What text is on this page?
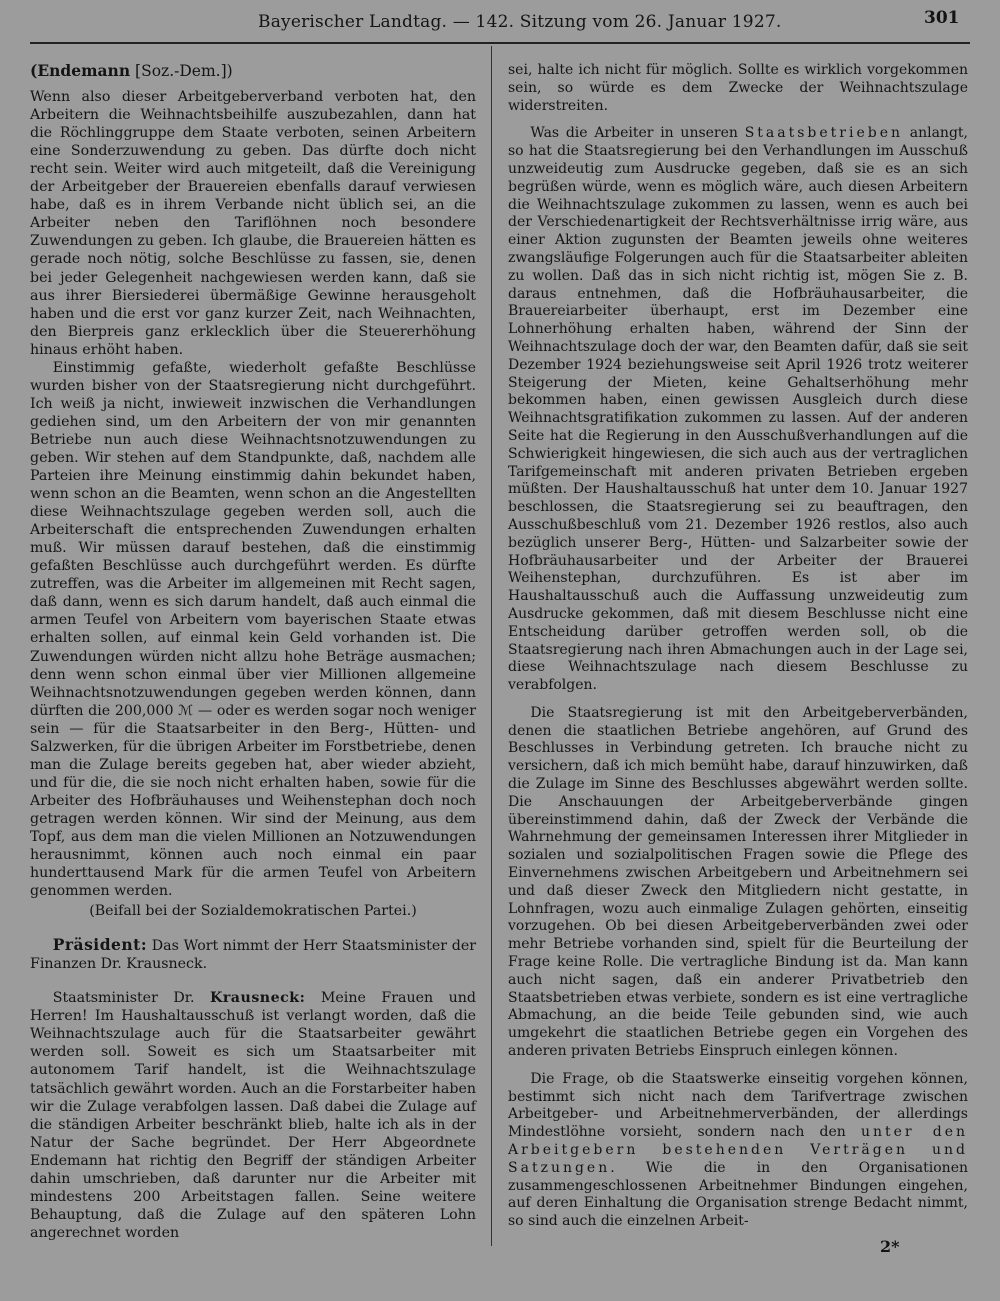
Bayerischer Landtag. — 142. Sitzung vom 26. Januar 1927.	301
(Endemann [Soz.-Dem.])

Wenn also dieser Arbeitgeberverband verboten hat, den Arbeitern die Weihnachtsbeihilfe auszubezahlen, dann hat die Röchlinggruppe dem Staate verboten, seinen Arbeitern eine Sonderzuwendung zu geben. Das dürfte doch nicht recht sein. Weiter wird auch mitgeteilt, daß die Vereinigung der Arbeitgeber der Brauereien ebenfalls darauf verwiesen habe, daß es in ihrem Verbande nicht üblich sei, an die Arbeiter neben den Tariflöhnen noch besondere Zuwendungen zu geben. Ich glaube, die Brauereien hätten es gerade noch nötig, solche Beschlüsse zu fassen, sie, denen bei jeder Gelegenheit nachgewiesen werden kann, daß sie aus ihrer Biersiederei übermäßige Gewinne herausgeholt haben und die erst vor ganz kurzer Zeit, nach Weihnachten, den Bierpreis ganz erklecklich über die Steuererhöhung hinaus erhöht haben.

Einstimmig gefaßte, wiederholt gefaßte Beschlüsse wurden bisher von der Staatsregierung nicht durchgeführt. Ich weiß ja nicht, inwieweit inzwischen die Verhandlungen gediehen sind, um den Arbeitern der von mir genannten Betriebe nun auch diese Weihnachtsnotzuwendungen zu geben. Wir stehen auf dem Standpunkte, daß, nachdem alle Parteien ihre Meinung einstimmig dahin bekundet haben, wenn schon an die Beamten, wenn schon an die Angestellten diese Weihnachtszulage gegeben werden soll, auch die Arbeiterschaft die entsprechenden Zuwendungen erhalten muß. Wir müssen darauf bestehen, daß die einstimmig gefaßten Beschlüsse auch durchgeführt werden. Es dürfte zutreffen, was die Arbeiter im allgemeinen mit Recht sagen, daß dann, wenn es sich darum handelt, daß auch einmal die armen Teufel von Arbeitern vom bayerischen Staate etwas erhalten sollen, auf einmal kein Geld vorhanden ist. Die Zuwendungen würden nicht allzu hohe Beträge ausmachen; denn wenn schon einmal über vier Millionen allgemeine Weihnachtsnotzuwendungen gegeben werden können, dann dürften die 200,000 ℳ — oder es werden sogar noch weniger sein — für die Staatsarbeiter in den Berg-, Hütten- und Salzwerken, für die übrigen Arbeiter im Forstbetriebe, denen man die Zulage bereits gegeben hat, aber wieder abzieht, und für die, die sie noch nicht erhalten haben, sowie für die Arbeiter des Hofbräuhauses und Weihenstephan doch noch getragen werden können. Wir sind der Meinung, aus dem Topf, aus dem man die vielen Millionen an Notzuwendungen herausnimmt, können auch noch einmal ein paar hunderttausend Mark für die armen Teufel von Arbeitern genommen werden.

(Beifall bei der Sozialdemokratischen Partei.)

Präsident: Das Wort nimmt der Herr Staatsminister der Finanzen Dr. Krausneck.

Staatsminister Dr. Krausneck: Meine Frauen und Herren! Im Haushaltausschuß ist verlangt worden, daß die Weihnachtszulage auch für die Staatsarbeiter gewährt werden soll. Soweit es sich um Staatsarbeiter mit autonomem Tarif handelt, ist die Weihnachtszulage tatsächlich gewährt worden. Auch an die Forstarbeiter haben wir die Zulage verabfolgen lassen. Daß dabei die Zulage auf die ständigen Arbeiter beschränkt blieb, halte ich als in der Natur der Sache begründet. Der Herr Abgeordnete Endemann hat richtig den Begriff der ständigen Arbeiter dahin umschrieben, daß darunter nur die Arbeiter mit mindestens 200 Arbeitstagen fallen. Seine weitere Behauptung, daß die Zulage auf den späteren Lohn angerechnet worden

sei, halte ich nicht für möglich. Sollte es wirklich vorgekommen sein, so würde es dem Zwecke der Weihnachtszulage widerstreiten.

Was die Arbeiter in unseren Staatsbetrieben anlangt, so hat die Staatsregierung bei den Verhandlungen im Ausschuß unzweideutig zum Ausdrucke gegeben, daß sie es an sich begrüßen würde, wenn es möglich wäre, auch diesen Arbeitern die Weihnachtszulage zukommen zu lassen, wenn es auch bei der Verschiedenartigkeit der Rechtsverhältnisse irrig wäre, aus einer Aktion zugunsten der Beamten jeweils ohne weiteres zwangsläufige Folgerungen auch für die Staatsarbeiter ableiten zu wollen. Daß das in sich nicht richtig ist, mögen Sie z. B. daraus entnehmen, daß die Hofbräuhausarbeiter, die Brauereiarbeiter überhaupt, erst im Dezember eine Lohnerhöhung erhalten haben, während der Sinn der Weihnachtszulage doch der war, den Beamten dafür, daß sie seit Dezember 1924 beziehungsweise seit April 1926 trotz weiterer Steigerung der Mieten, keine Gehaltserhöhung mehr bekommen haben, einen gewissen Ausgleich durch diese Weihnachtsgratifikation zukommen zu lassen. Auf der anderen Seite hat die Regierung in den Ausschußverhandlungen auf die Schwierigkeit hingewiesen, die sich auch aus der vertraglichen Tarifgemeinschaft mit anderen privaten Betrieben ergeben müßten. Der Haushaltausschuß hat unter dem 10. Januar 1927 beschlossen, die Staatsregierung sei zu beauftragen, den Ausschußbeschluß vom 21. Dezember 1926 restlos, also auch bezüglich unserer Berg-, Hütten- und Salzarbeiter sowie der Hofbräuhausarbeiter und der Arbeiter der Brauerei Weihenstephan, durchzuführen. Es ist aber im Haushaltausschuß auch die Auffassung unzweideutig zum Ausdrucke gekommen, daß mit diesem Beschlusse nicht eine Entscheidung darüber getroffen werden soll, ob die Staatsregierung nach ihren Abmachungen auch in der Lage sei, diese Weihnachtszulage nach diesem Beschlusse zu verabfolgen.

Die Staatsregierung ist mit den Arbeitgeberverbänden, denen die staatlichen Betriebe angehören, auf Grund des Beschlusses in Verbindung getreten. Ich brauche nicht zu versichern, daß ich mich bemüht habe, darauf hinzuwirken, daß die Zulage im Sinne des Beschlusses abgewährt werden sollte. Die Anschauungen der Arbeitgeberverbände gingen übereinstimmend dahin, daß der Zweck der Verbände die Wahrnehmung der gemeinsamen Interessen ihrer Mitglieder in sozialen und sozialpolitischen Fragen sowie die Pflege des Einvernehmens zwischen Arbeitgebern und Arbeitnehmern sei und daß dieser Zweck den Mitgliedern nicht gestatte, in Lohnfragen, wozu auch einmalige Zulagen gehörten, einseitig vorzugehen. Ob bei diesen Arbeitgeberverbänden zwei oder mehr Betriebe vorhanden sind, spielt für die Beurteilung der Frage keine Rolle. Die vertragliche Bindung ist da. Man kann auch nicht sagen, daß ein anderer Privatbetrieb den Staatsbetrieben etwas verbiete, sondern es ist eine vertragliche Abmachung, an die beide Teile gebunden sind, wie auch umgekehrt die staatlichen Betriebe gegen ein Vorgehen des anderen privaten Betriebs Einspruch einlegen können.

Die Frage, ob die Staatswerke einseitig vorgehen können, bestimmt sich nicht nach dem Tarifvertrage zwischen Arbeitgeber- und Arbeitnehmerverbänden, der allerdings Mindestlöhne vorsieht, sondern nach den unter den Arbeitgebern bestehenden Verträgen und Satzungen. Wie die in den Organisationen zusammengeschlossenen Arbeitnehmer Bindungen eingehen, auf deren Einhaltung die Organisation strenge Bedacht nimmt, so sind auch die einzelnen Arbeit-

2*
